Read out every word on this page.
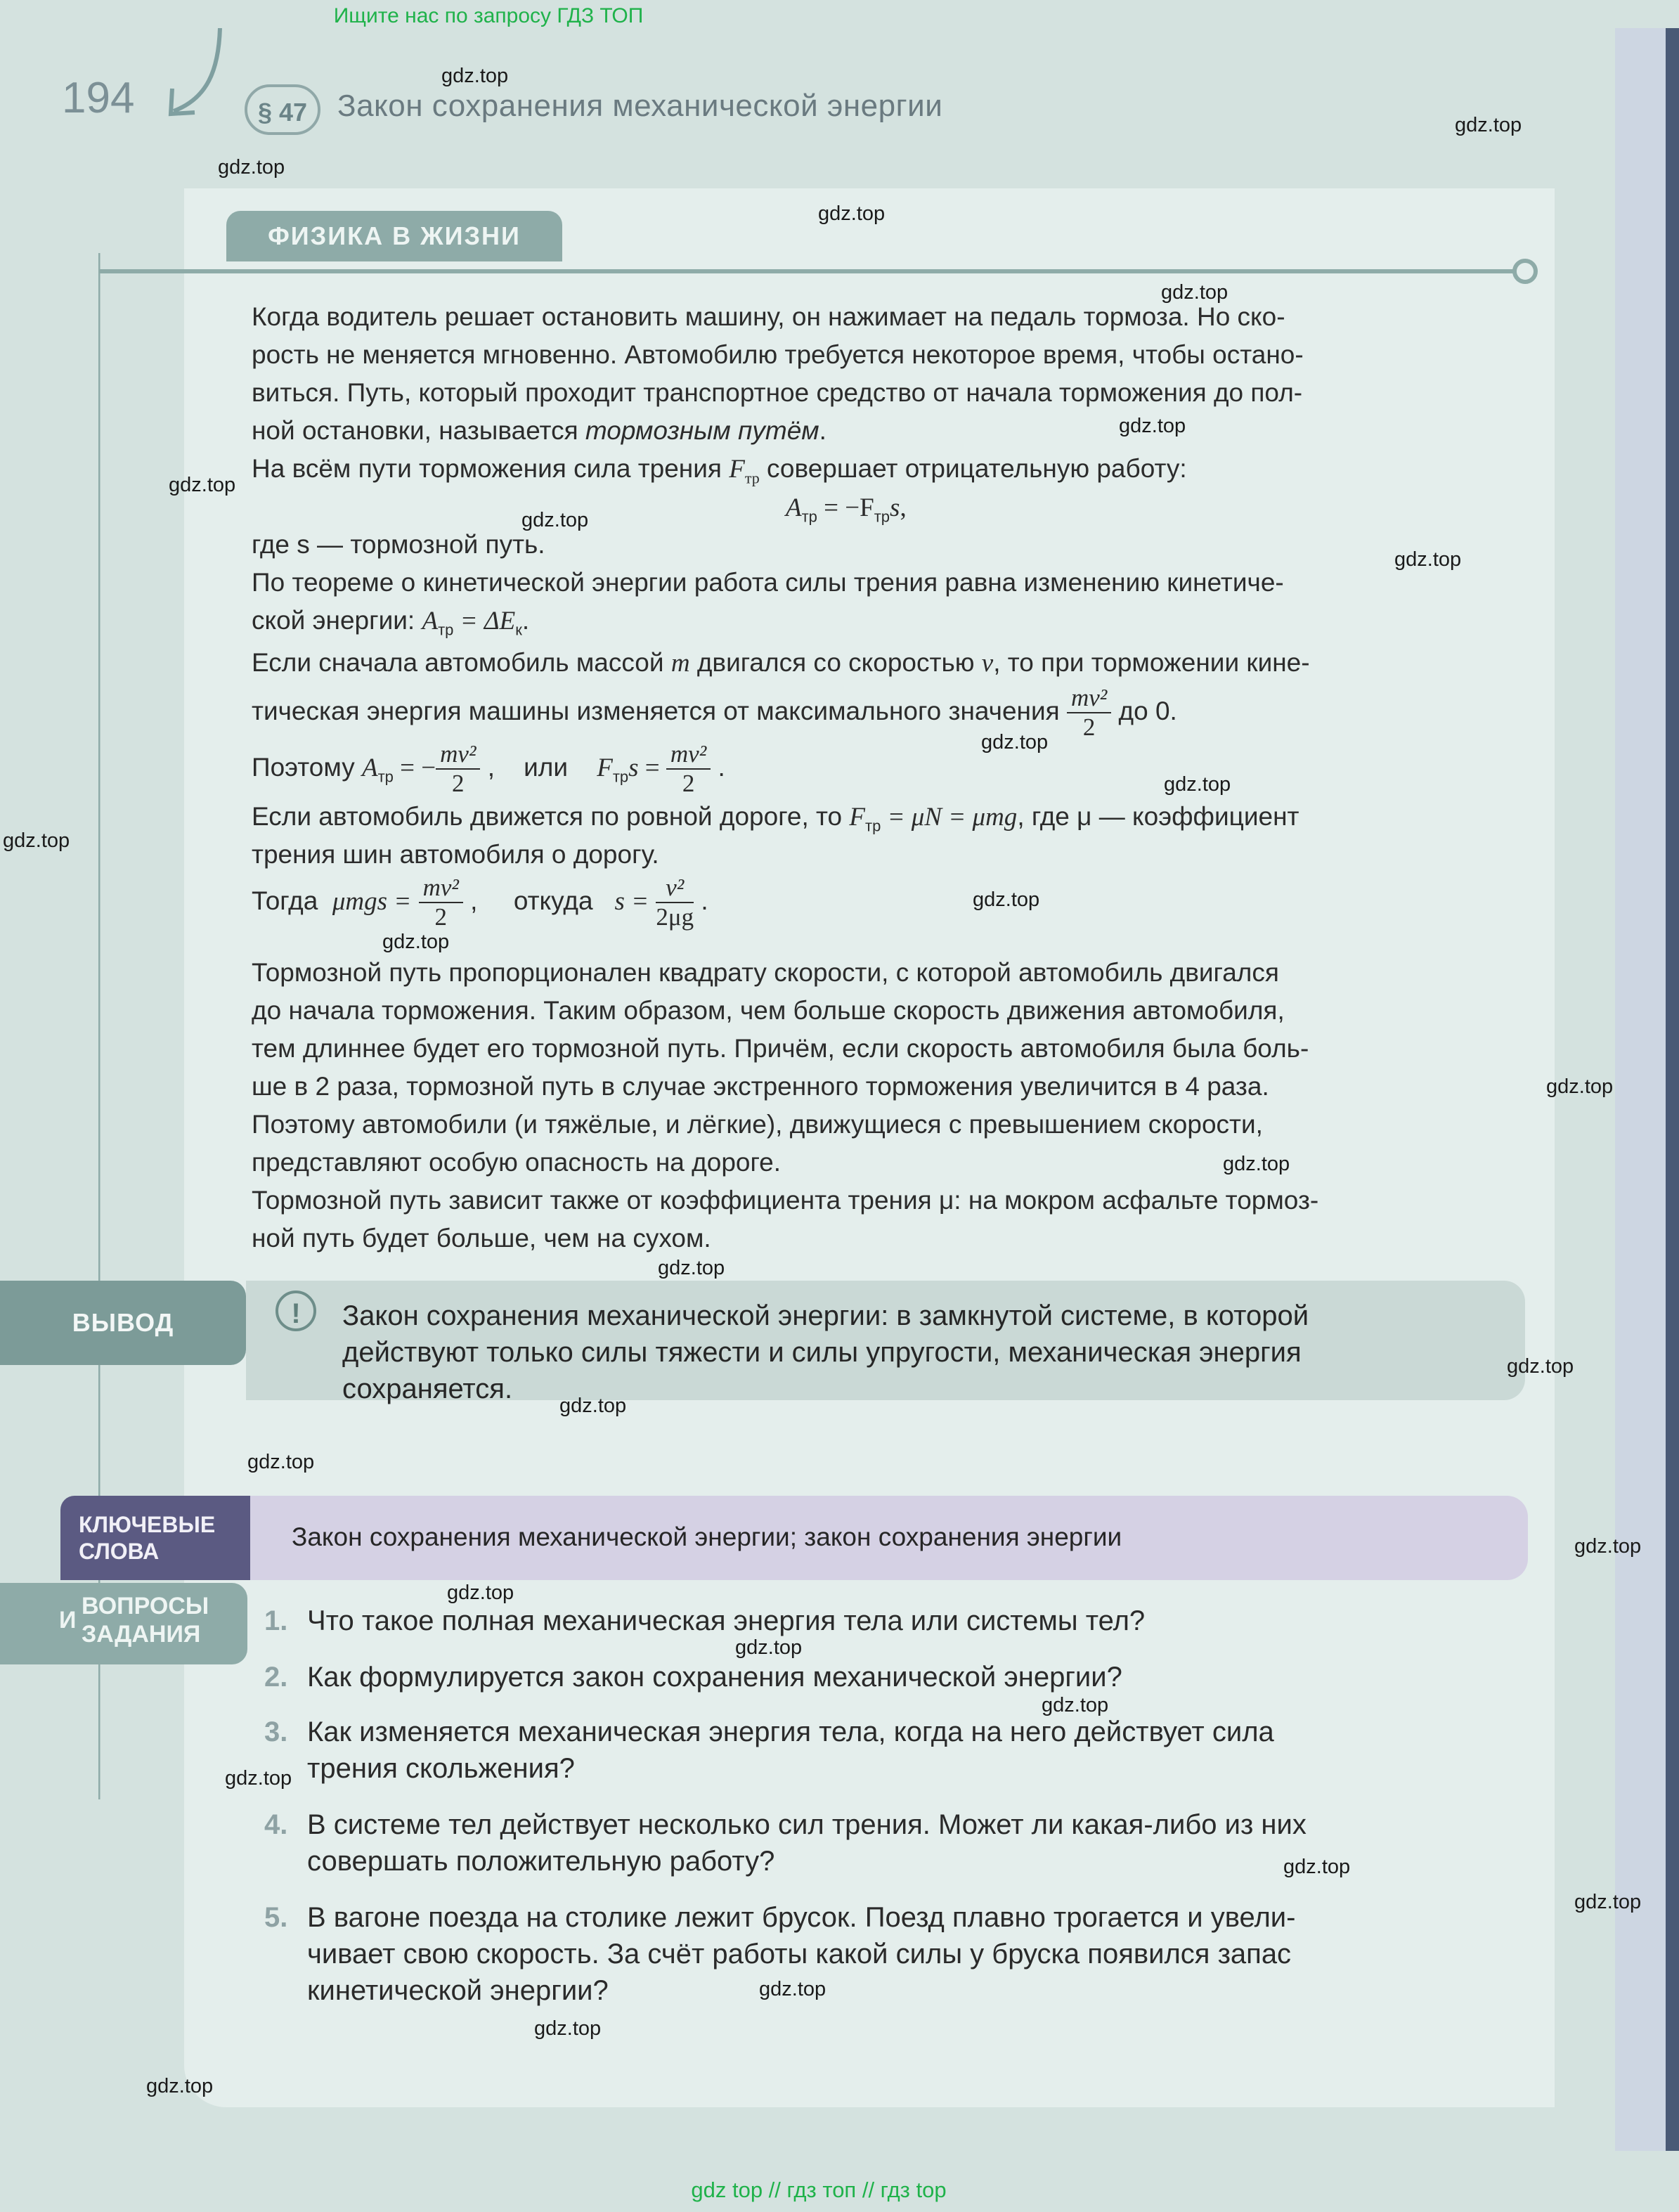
Ищите нас по запросу ГДЗ ТОП
194	§ 47 Закон сохранения механической энергии
ФИЗИКА В ЖИЗНИ
Когда водитель решает остановить машину, он нажимает на педаль тормоза. Но ско-
рость не меняется мгновенно. Автомобилю требуется некоторое время, чтобы остано-
виться. Путь, который проходит транспортное средство от начала торможения до пол-
ной остановки, называется тормозным путём.
На всём пути торможения сила трения $F_{тр}$ совершает отрицательную работу:
$A_{тр} = -F_{тр}s$,
где s — тормозной путь.
По теореме о кинетической энергии работа силы трения равна изменению кинетиче-
ской энергии: $A_{тр} = \Delta E_к$.
Если сначала автомобиль массой m двигался со скоростью v, то при торможении кине-
тическая энергия машины изменяется от максимального значения $\frac{\text{mv²}}{2}$ до 0.
Поэтому $A_{тр}$ = − $\frac{\text{mv²}}{2}$ ,    или $F_{тр}s = \frac{\text{mv²}}{2}$ .
Если автомобиль движется по ровной дороге, то $F_{тр} = \mu N = \mu mg$, где μ — коэффициент
трения шин автомобиля о дорогу.
Тогда  $\mu mgs = \frac{\text{mv²}}{2}$ ,     откуда $s = \frac{\text{v²}}{2\mu g}$ .
Тормозной путь пропорционален квадрату скорости, с которой автомобиль двигался
до начала торможения. Таким образом, чем больше скорость движения автомобиля,
тем длиннее будет его тормозной путь. Причём, если скорость автомобиля была боль-
ше в 2 раза, тормозной путь в случае экстренного торможения увеличится в 4 раза.
Поэтому автомобили (и тяжёлые, и лёгкие), движущиеся с превышением скорости,
представляют особую опасность на дороге.
Тормозной путь зависит также от коэффициента трения μ: на мокром асфальте тормоз-
ной путь будет больше, чем на сухом.
ВЫВОД	!	Закон сохранения механической энергии: в замкнутой системе, в которой
действуют только силы тяжести и силы упругости, механическая энергия
сохраняется.
КЛЮЧЕВЫЕ
СЛОВА	Закон сохранения механической энергии; закон сохранения энергии
И
ВОПРОСЫ
ЗАДАНИЯ 1. Что такое полная механическая энергия тела или системы тел?
2. Как формулируется закон сохранения механической энергии?
3. Как изменяется механическая энергия тела, когда на него действует сила
трения скольжения?
4. В системе тел действует несколько сил трения. Может ли какая-либо из них
совершать положительную работу?
5. В вагоне поезда на столике лежит брусок. Поезд плавно трогается и увели-
чивает свою скорость. За счёт работы какой силы у бруска появился запас
кинетической энергии?
gdz.top
gdz.top
gdz.top
gdz.top
gdz.top
gdz.top
gdz.top
gdz.top
gdz.top
gdz.top
gdz.top
gdz.top
gdz.top
gdz.top
gdz.top
gdz.top
gdz.top
gdz.top
gdz.top
gdz.top
gdz.top
gdz.top
gdz.top
gdz.top
gdz.top
gdz.top
gdz.top
gdz.top
gdz.top
gdz.top
gdz top // гдз топ // гдз top
